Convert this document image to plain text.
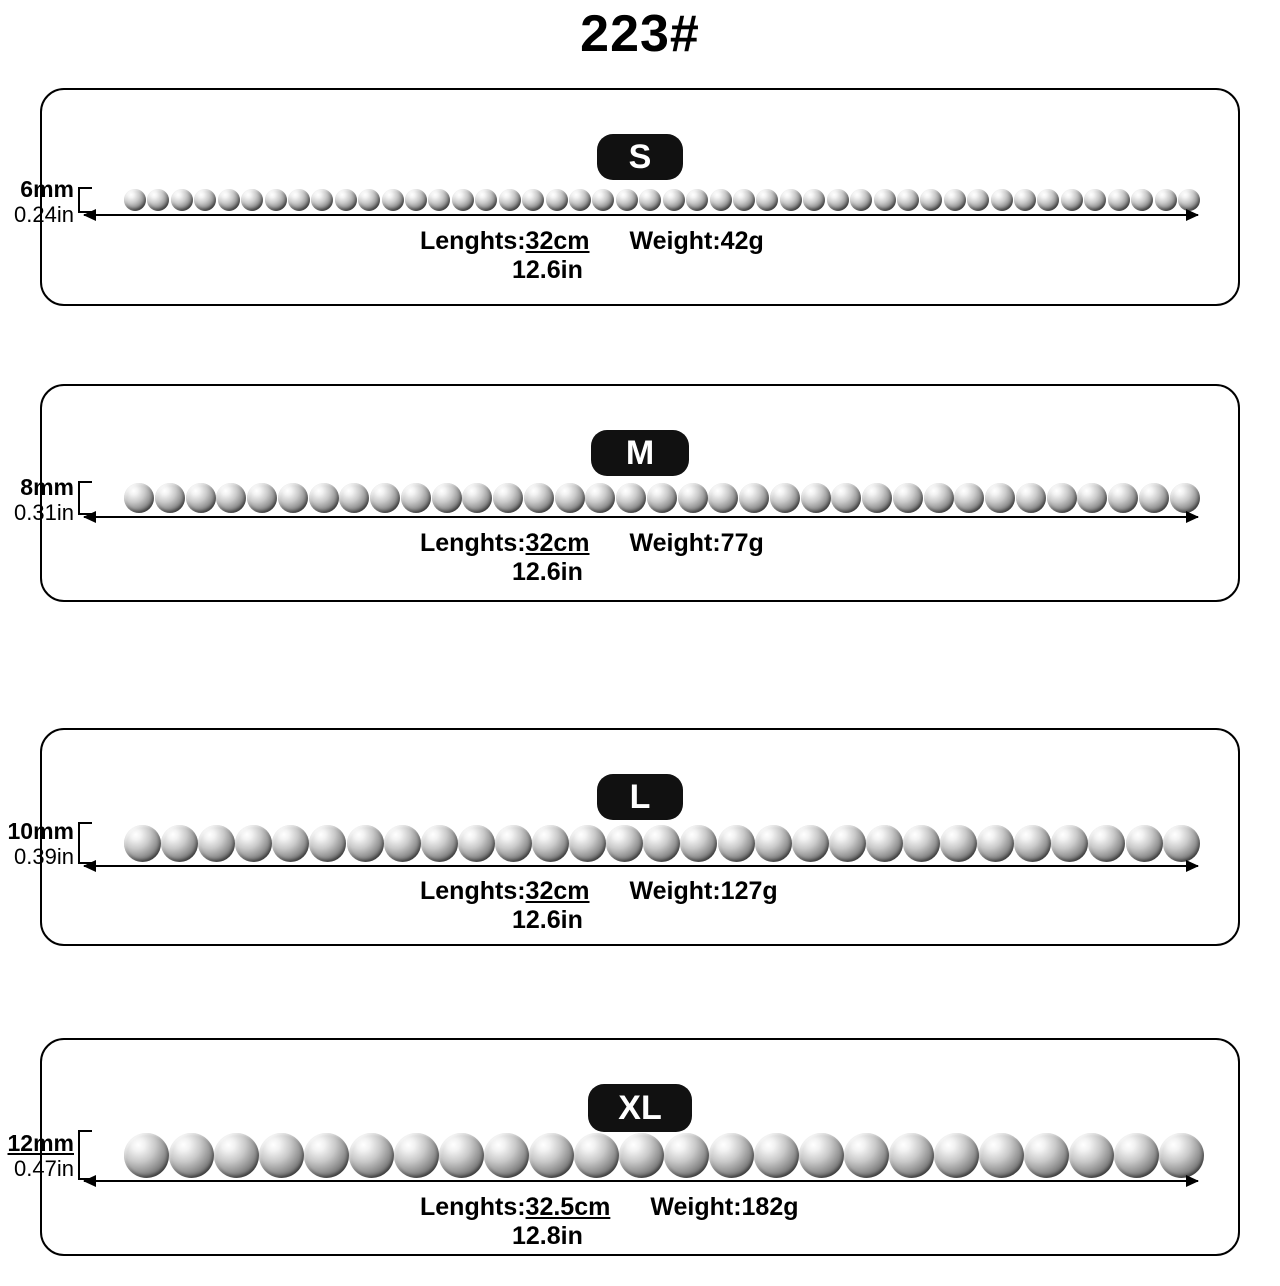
223#
S
6mm
0.24in
Lenghts: 32cm Weight:42g
12.6in
M
8mm
0.31in
Lenghts: 32cm Weight:77g
12.6in
L
10mm
0.39in
Lenghts: 32cm Weight:127g
12.6in
XL
12mm
0.47in
Lenghts: 32.5cm Weight:182g
12.8in
